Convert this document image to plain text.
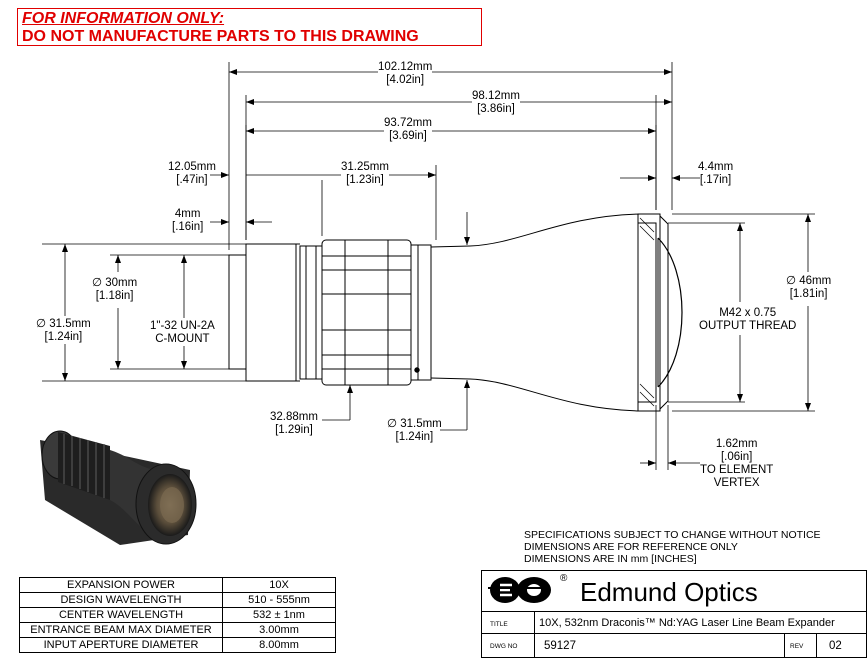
FOR INFORMATION ONLY:
DO NOT MANUFACTURE PARTS TO THIS DRAWING
102.12mm
[4.02in]
98.12mm
[3.86in]
93.72mm
[3.69in]
12.05mm
[.47in]
31.25mm
[1.23in]
4mm
[.16in]
4.4mm
[.17in]
∅ 30mm
[1.18in]
∅ 31.5mm
[1.24in]
1"-32 UN-2A
C-MOUNT
32.88mm
[1.29in]	∅ 31.5mm
[1.24in]
∅ 46mm
[1.81in]
M42 x 0.75
OUTPUT THREAD
1.62mm
[.06in]
TO ELEMENT
VERTEX
SPECIFICATIONS SUBJECT TO CHANGE WITHOUT NOTICE
DIMENSIONS ARE FOR REFERENCE ONLY
DIMENSIONS ARE IN mm [INCHES]
EXPANSION POWER	10X
DESIGN WAVELENGTH	510 - 555nm
CENTER WAVELENGTH	532 ± 1nm
ENTRANCE BEAM MAX DIAMETER	3.00mm
INPUT APERTURE DIAMETER	8.00mm
® Edmund Optics
TITLE	10X, 532nm Draconis™ Nd:YAG Laser Line Beam Expander
DWG NO 59127	REV 02
